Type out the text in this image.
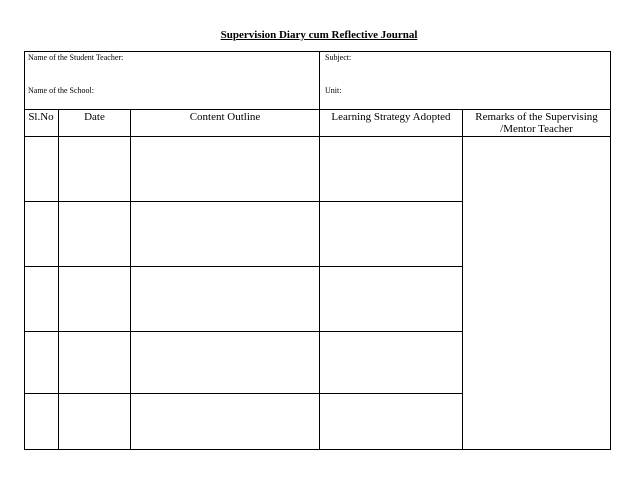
Supervision Diary cum Reflective Journal
Name of the Student Teacher:	Subject:
Name of the School:	Unit:
Sl.No	Date	Content Outline	Learning Strategy Adopted	Remarks of the Supervising
/Mentor Teacher
